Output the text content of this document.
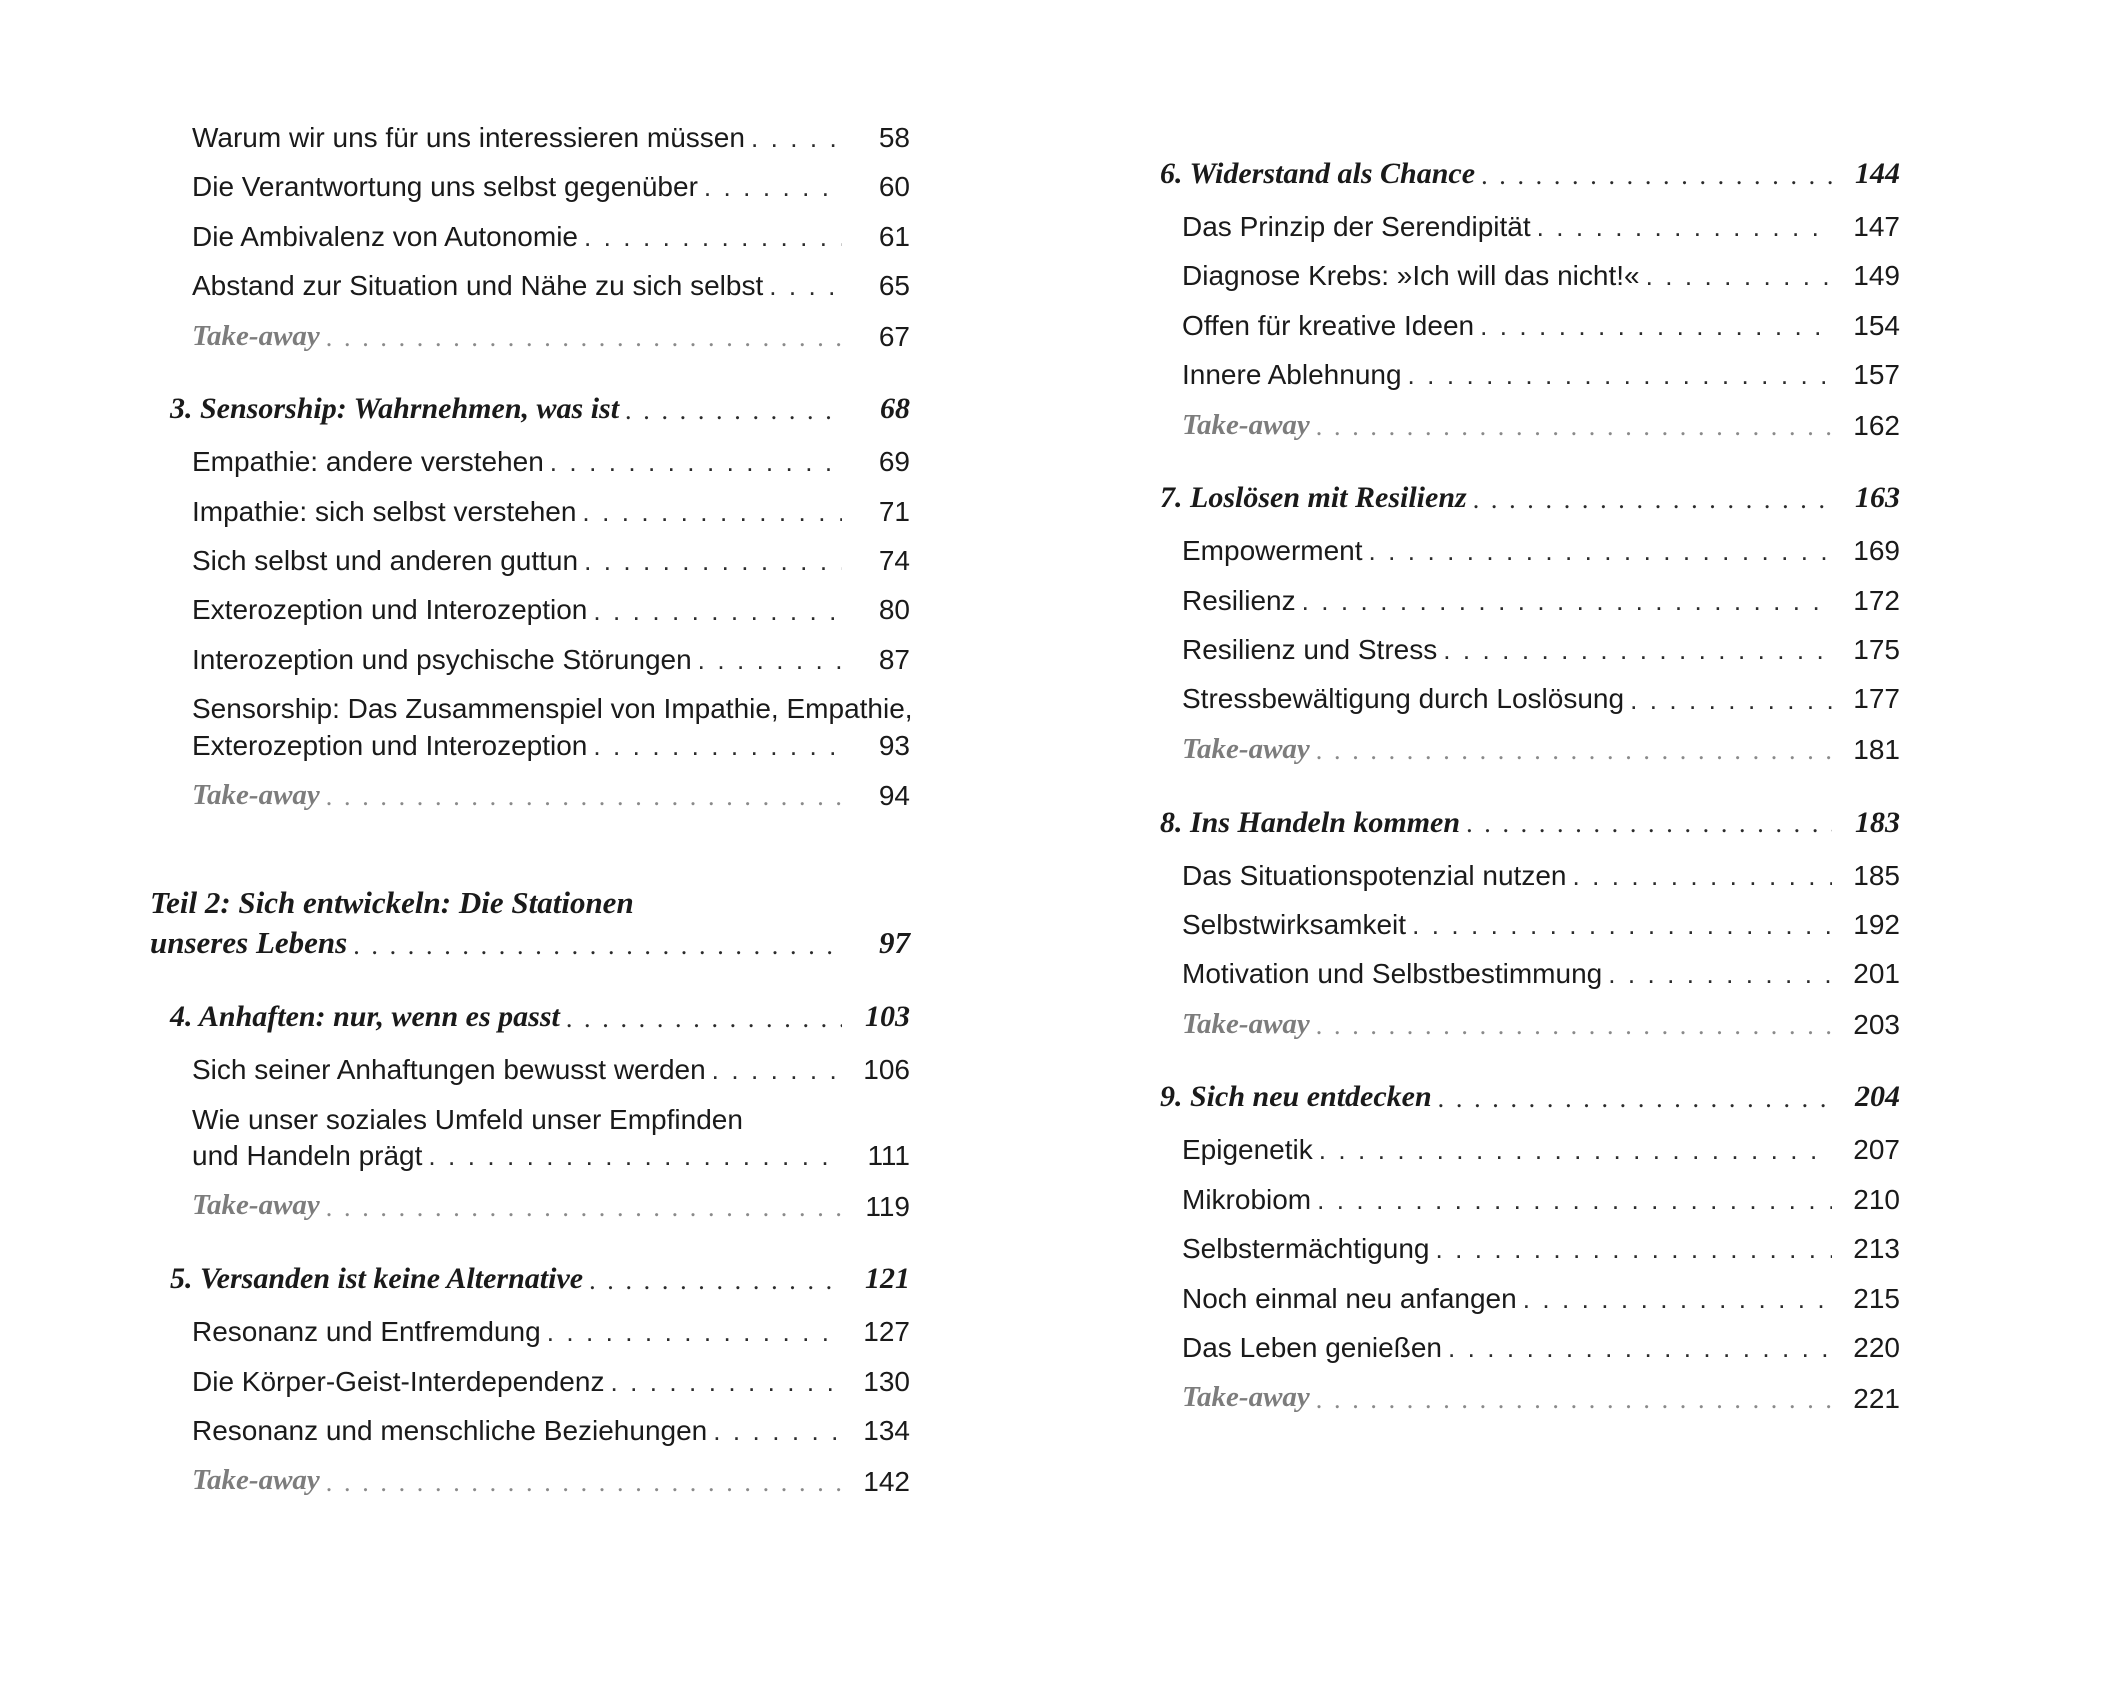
Warum wir uns für uns interessieren müssen . . .	58
Die Verantwortung uns selbst gegenüber . . .	60
Die Ambivalenz von Autonomie . . .	61
Abstand zur Situation und Nähe zu sich selbst . . .	65
Take-away . . .	67
3. Sensorship: Wahrnehmen, was ist . . .	68
Empathie: andere verstehen . . .	69
Impathie: sich selbst verstehen . . .	71
Sich selbst und anderen guttun . . .	74
Exterozeption und Interozeption . . .	80
Interozeption und psychische Störungen . . .	87
Sensorship: Das Zusammenspiel von Impathie, Empathie,
Exterozeption und Interozeption . . .	93
Take-away . . .	94
Teil 2: Sich entwickeln: Die Stationen
unseres Lebens . . .	97
4. Anhaften: nur, wenn es passt . . .	103
Sich seiner Anhaftungen bewusst werden . . .	106
Wie unser soziales Umfeld unser Empfinden
und Handeln prägt . . .	111
Take-away . . .	119
5. Versanden ist keine Alternative . . .	121
Resonanz und Entfremdung . . .	127
Die Körper-Geist-Interdependenz . . .	130
Resonanz und menschliche Beziehungen . . .	134
Take-away . . .	142
6. Widerstand als Chance . . .	144
Das Prinzip der Serendipität . . .	147
Diagnose Krebs: »Ich will das nicht!« . . .	149
Offen für kreative Ideen . . .	154
Innere Ablehnung . . .	157
Take-away . . .	162
7. Loslösen mit Resilienz . . .	163
Empowerment . . .	169
Resilienz . . .	172
Resilienz und Stress . . .	175
Stressbewältigung durch Loslösung . . .	177
Take-away . . .	181
8. Ins Handeln kommen . . .	183
Das Situationspotenzial nutzen . . .	185
Selbstwirksamkeit . . .	192
Motivation und Selbstbestimmung . . .	201
Take-away . . .	203
9. Sich neu entdecken . . .	204
Epigenetik . . .	207
Mikrobiom . . .	210
Selbstermächtigung . . .	213
Noch einmal neu anfangen . . .	215
Das Leben genießen . . .	220
Take-away . . .	221
